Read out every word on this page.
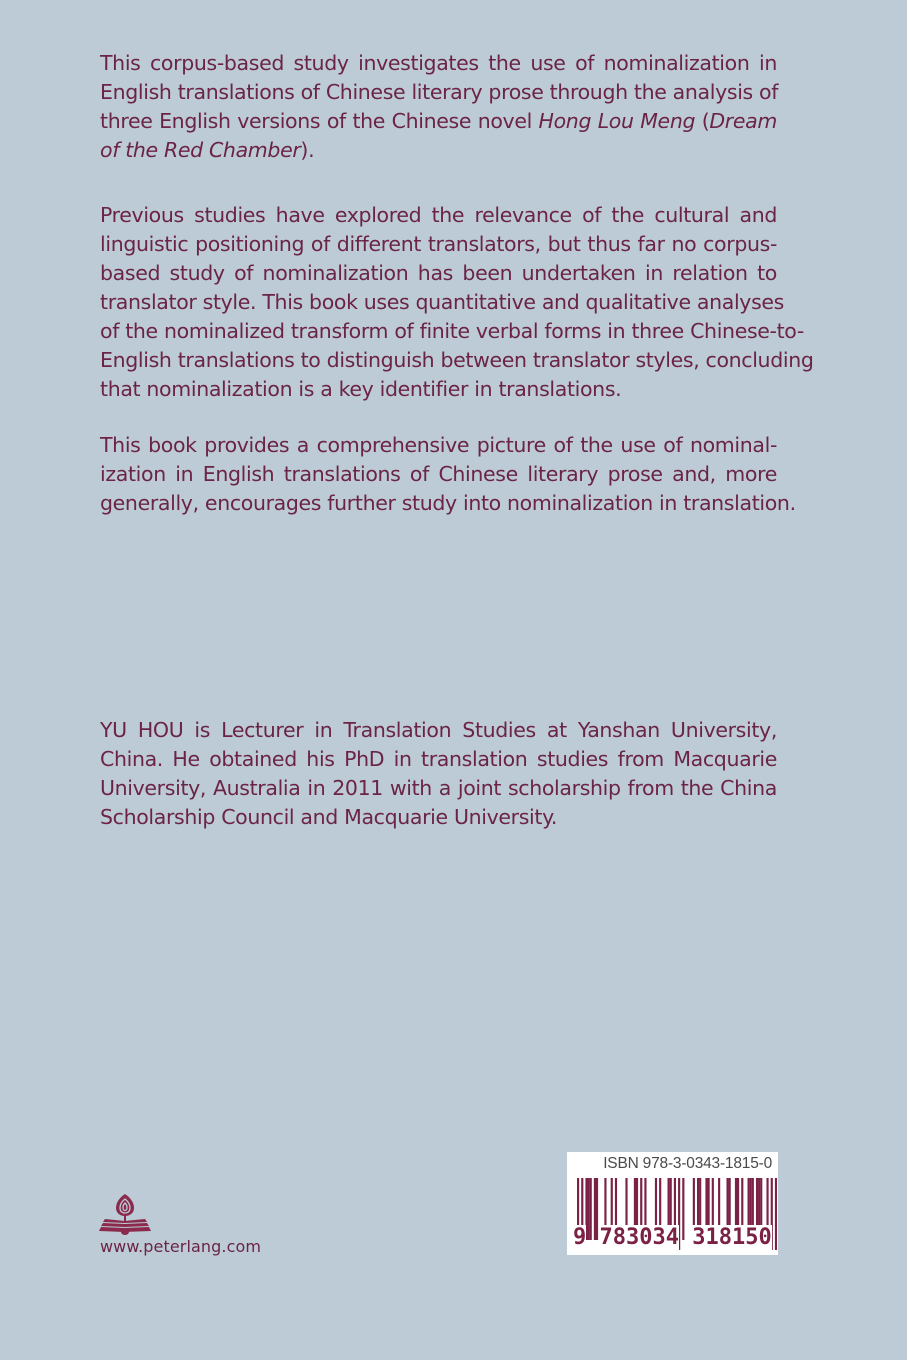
This corpus-based study investigates the use of nominalization in
English translations of Chinese literary prose through the analysis of
three English versions of the Chinese novel Hong Lou Meng (Dream
of the Red Chamber).
Previous studies have explored the relevance of the cultural and
linguistic positioning of different translators, but thus far no corpus-
based study of nominalization has been undertaken in relation to
translator style. This book uses quantitative and qualitative analyses
of the nominalized transform of finite verbal forms in three Chinese-to-
English translations to distinguish between translator styles, concluding
that nominalization is a key identifier in translations.
This book provides a comprehensive picture of the use of nominal-
ization in English translations of Chinese literary prose and, more
generally, encourages further study into nominalization in translation.
YU HOU is Lecturer in Translation Studies at Yanshan University,
China. He obtained his PhD in translation studies from Macquarie
University, Australia in 2011 with a joint scholarship from the China
Scholarship Council and Macquarie University.
www.peterlang.com
ISBN 978-3-0343-1815-0
9  783034  318150
